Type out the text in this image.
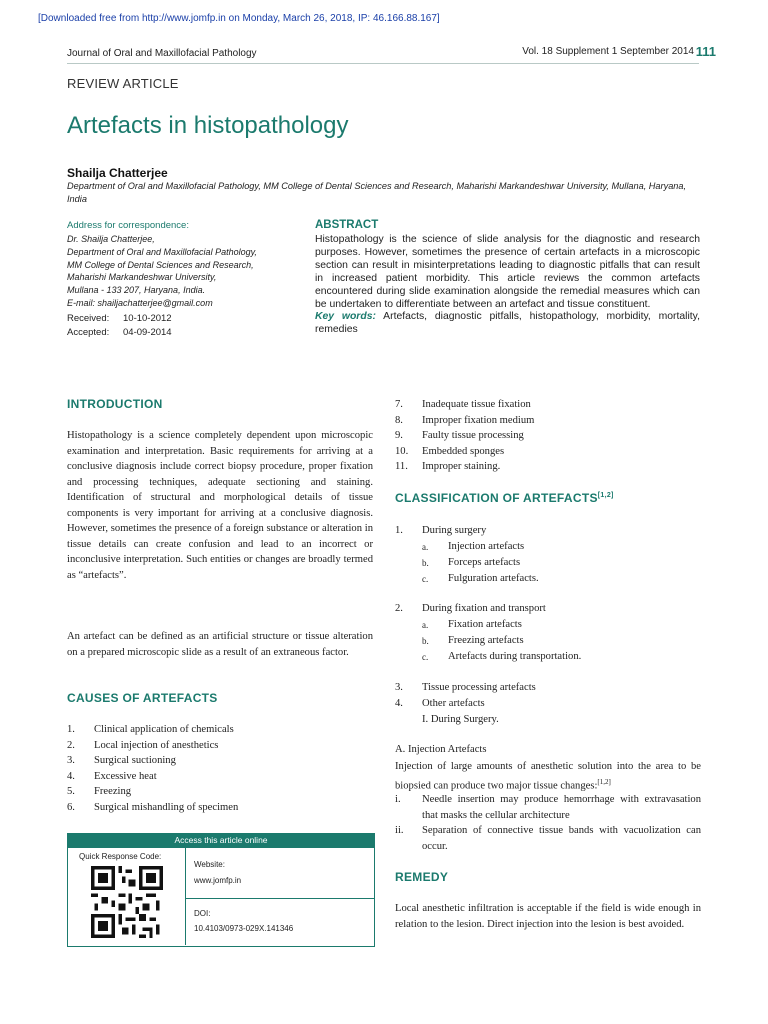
[Downloaded free from http://www.jomfp.in on Monday, March 26, 2018, IP: 46.166.88.167]
Journal of Oral and Maxillofacial Pathology	Vol. 18 Supplement 1 September 2014 111
REVIEW ARTICLE
Artefacts in histopathology
Shailja Chatterjee
Department of Oral and Maxillofacial Pathology, MM College of Dental Sciences and Research, Maharishi Markandeshwar University, Mullana, Haryana, India
Address for correspondence:
Dr. Shailja Chatterjee,
Department of Oral and Maxillofacial Pathology,
MM College of Dental Sciences and Research,
Maharishi Markandeshwar University,
Mullana - 133 207, Haryana, India.
E-mail: shailjachatterjee@gmail.com
Received: 10-10-2012
Accepted: 04-09-2014
ABSTRACT
Histopathology is the science of slide analysis for the diagnostic and research purposes. However, sometimes the presence of certain artefacts in a microscopic section can result in misinterpretations leading to diagnostic pitfalls that can result in increased patient morbidity. This article reviews the common artefacts encountered during slide examination alongside the remedial measures which can be undertaken to differentiate between an artefact and tissue constituent.
Key words: Artefacts, diagnostic pitfalls, histopathology, morbidity, mortality, remedies
INTRODUCTION
Histopathology is a science completely dependent upon microscopic examination and interpretation. Basic requirements for arriving at a conclusive diagnosis include correct biopsy procedure, proper fixation and processing techniques, adequate sectioning and staining. Identification of structural and morphological details of tissue components is very important for arriving at a conclusive diagnosis. However, sometimes the presence of a foreign substance or alteration in tissue details can create confusion and lead to an incorrect or inconclusive interpretation. Such entities or changes are broadly termed as “artefacts”.
An artefact can be defined as an artificial structure or tissue alteration on a prepared microscopic slide as a result of an extraneous factor.
CAUSES OF ARTEFACTS
1.	Clinical application of chemicals
2.	Local injection of anesthetics
3.	Surgical suctioning
4.	Excessive heat
5.	Freezing
6.	Surgical mishandling of specimen
Access this article online
Quick Response Code:
Website:
www.jomfp.in
DOI:
10.4103/0973-029X.141346
7.	Inadequate tissue fixation
8.	Improper fixation medium
9.	Faulty tissue processing
10.	Embedded sponges
11.	Improper staining.
CLASSIFICATION OF ARTEFACTS[1,2]
1.	During surgery
a.	Injection artefacts
b.	Forceps artefacts
c.	Fulguration artefacts.
2.	During fixation and transport
a.	Fixation artefacts
b.	Freezing artefacts
c.	Artefacts during transportation.
3.	Tissue processing artefacts
4.	Other artefacts
I. During Surgery.
A. Injection Artefacts
Injection of large amounts of anesthetic solution into the area to be biopsied can produce two major tissue changes:[1,2]
i.	Needle insertion may produce hemorrhage with extravasation that masks the cellular architecture
ii.	Separation of connective tissue bands with vacuolization can occur.
REMEDY
Local anesthetic infiltration is acceptable if the field is wide enough in relation to the lesion. Direct injection into the lesion is best avoided.
